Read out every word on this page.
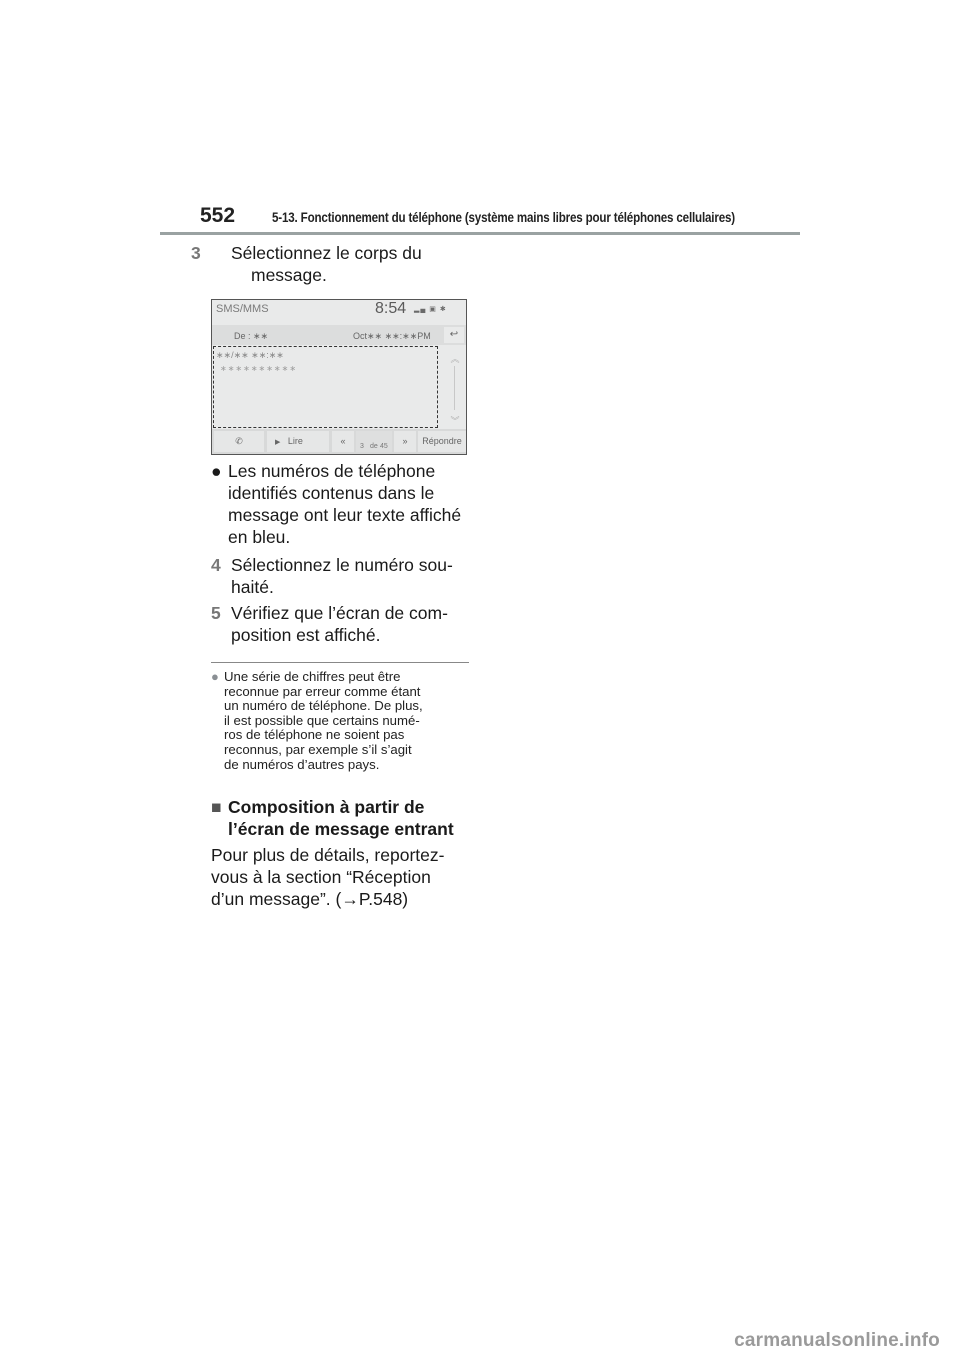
552	5-13. Fonctionnement du téléphone (système mains libres pour téléphones cellulaires)
3 Sélectionnez le corps du
message.
SMS/MMS	8:54 ▂▄ ▣ ✱
De : ∗∗	Oct∗∗ ∗∗:∗∗PM	↩
∗∗/∗∗ ∗∗:∗∗
∗∗∗∗∗∗∗∗∗∗
︽
︾
✆	▶ Lire	«
3 de 45
»	Répondre
● Les numéros de téléphone
identifiés contenus dans le
message ont leur texte affiché
en bleu.
4 Sélectionnez le numéro sou-
haité.
5 Vérifiez que l’écran de com-
position est affiché.
● Une série de chiffres peut être
reconnue par erreur comme étant
un numéro de téléphone. De plus,
il est possible que certains numé-
ros de téléphone ne soient pas
reconnus, par exemple s’il s’agit
de numéros d’autres pays.
■ Composition à partir de
l’écran de message entrant
Pour plus de détails, reportez-
vous à la section “Réception
d’un message”. (→P.548)
carmanualsonline.info
